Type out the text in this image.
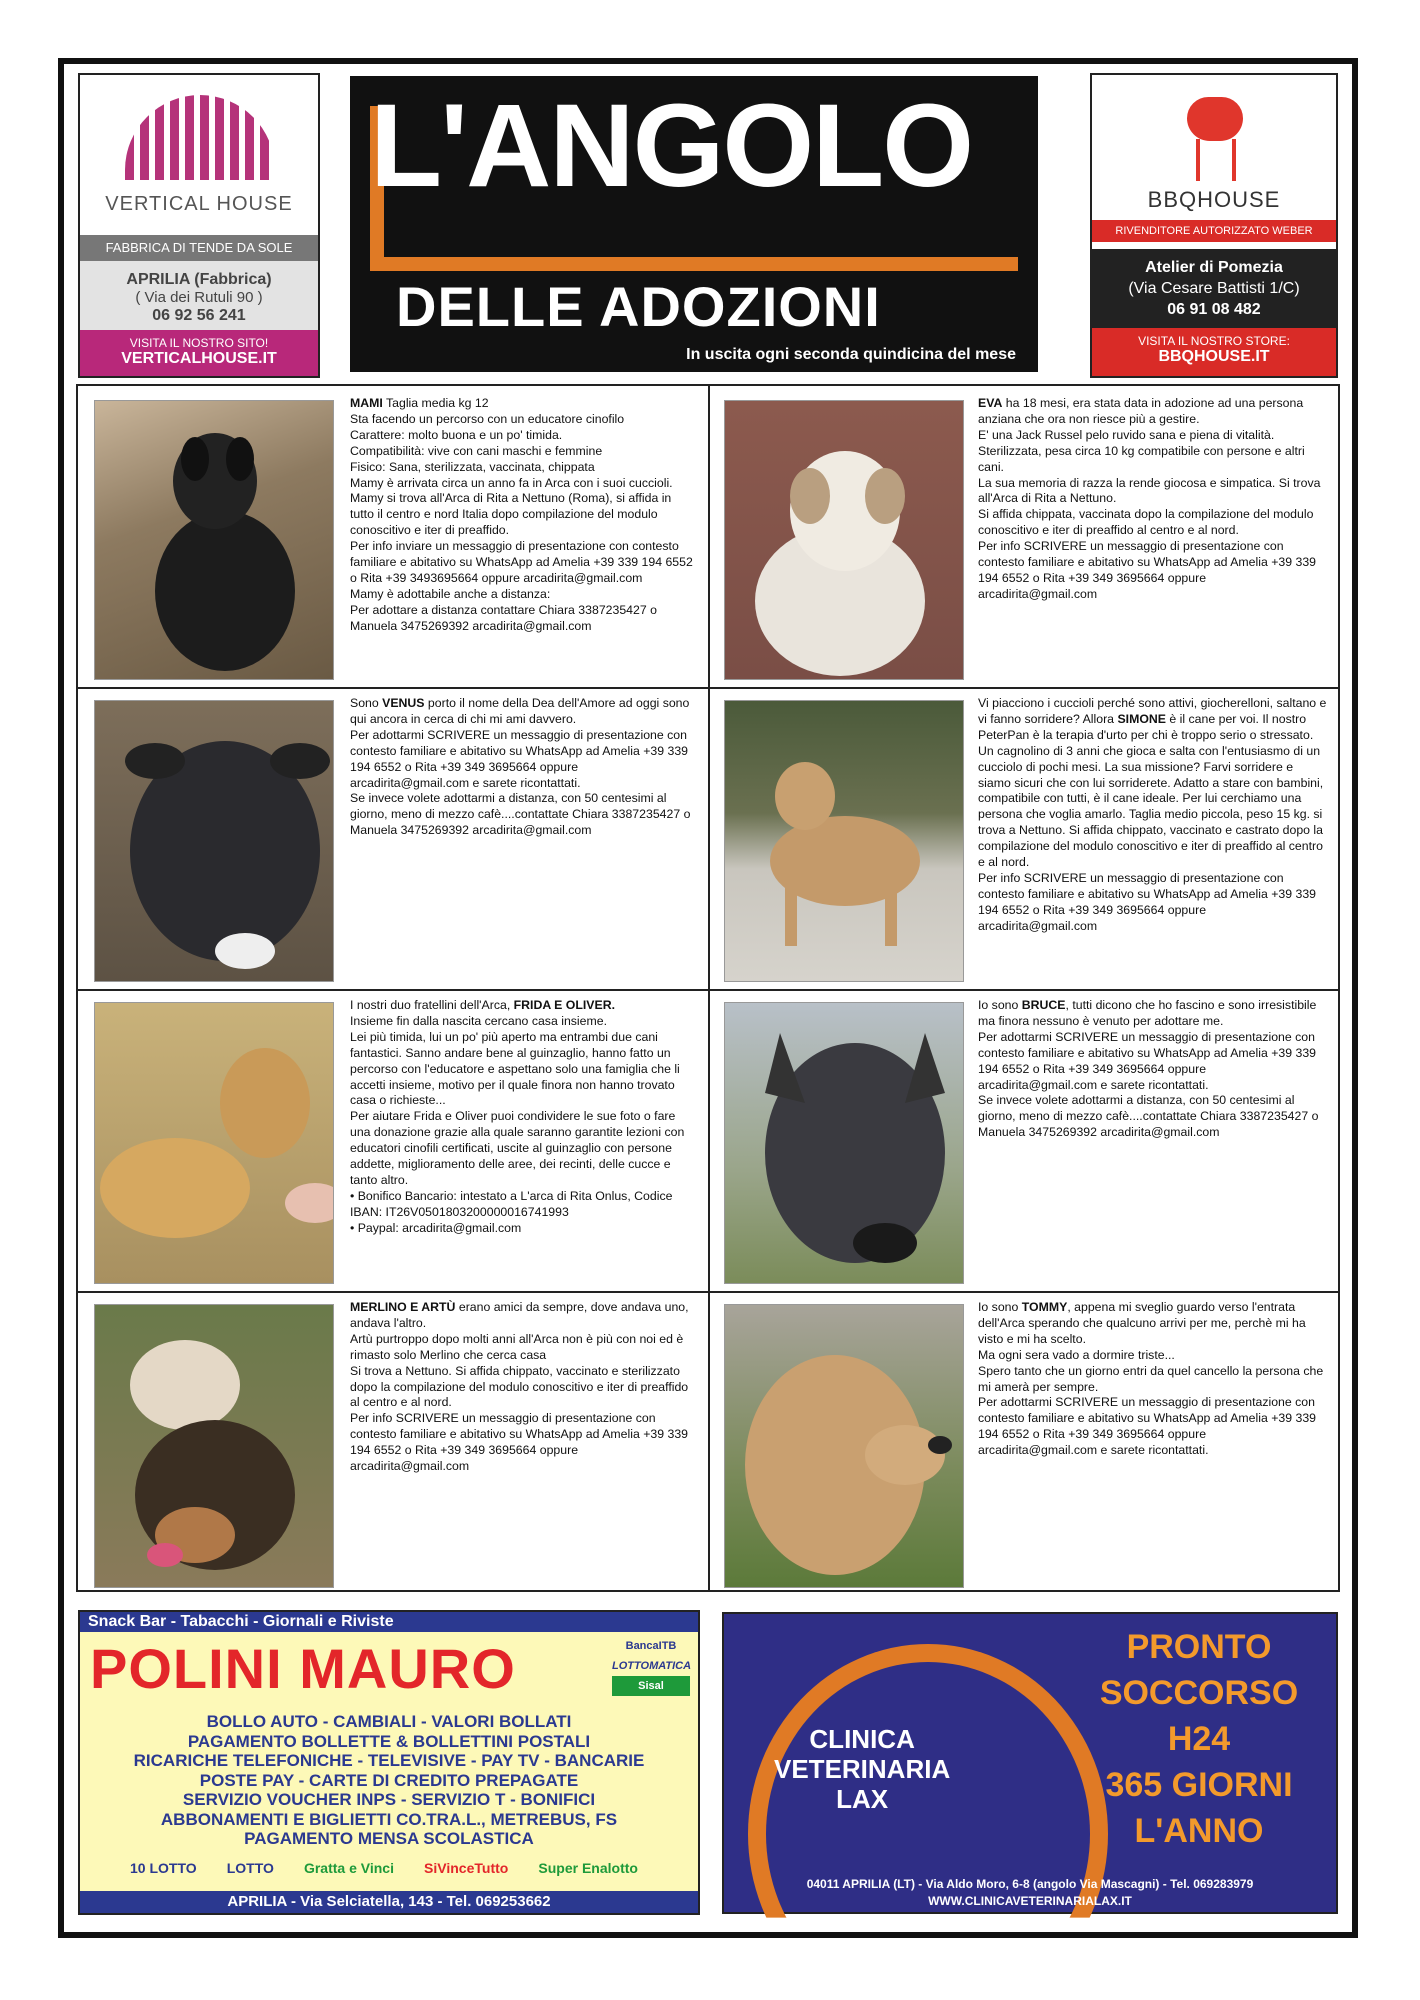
VERTICAL HOUSE
FABBRICA DI TENDE DA SOLE
APRILIA (Fabbrica)
( Via dei Rutuli 90 )
06 92 56 241
VISITA IL NOSTRO SITO!
VERTICALHOUSE.IT
L'ANGOLO
DELLE ADOZIONI
In uscita ogni seconda quindicina del mese
BBQHOUSE
RIVENDITORE AUTORIZZATO WEBER
Atelier di Pomezia
(Via Cesare Battisti 1/C)
06 91 08 482
VISITA IL NOSTRO STORE:
BBQHOUSE.IT
MAMI Taglia media kg 12
Sta facendo un percorso con un educatore cinofilo
Carattere: molto buona e un po' timida.
Compatibilità: vive con cani maschi e femmine
Fisico: Sana, sterilizzata, vaccinata, chippata
Mamy è arrivata circa un anno fa in Arca con i suoi cuccioli. Mamy si trova all'Arca di Rita a Nettuno (Roma), si affida in tutto il centro e nord Italia dopo compilazione del modulo conoscitivo e iter di preaffido.
Per info inviare un messaggio di presentazione con contesto familiare e abitativo su WhatsApp ad Amelia +39 339 194 6552 o Rita +39 3493695664 oppure arcadirita@gmail.com
Mamy è adottabile anche a distanza:
Per adottare a distanza contattare Chiara 3387235427 o Manuela 3475269392 arcadirita@gmail.com
EVA ha 18 mesi, era stata data in adozione ad una persona anziana che ora non riesce più a gestire.
E' una Jack Russel pelo ruvido sana e piena di vitalità. Sterilizzata, pesa circa 10 kg compatibile con persone e altri cani.
La sua memoria di razza la rende giocosa e simpatica. Si trova all'Arca di Rita a Nettuno.
Si affida chippata, vaccinata dopo la compilazione del modulo conoscitivo e iter di preaffido al centro e al nord.
Per info SCRIVERE un messaggio di presentazione con contesto familiare e abitativo su WhatsApp ad Amelia +39 339 194 6552 o Rita +39 349 3695664 oppure arcadirita@gmail.com
Sono VENUS porto il nome della Dea dell'Amore ad oggi sono qui ancora in cerca di chi mi ami davvero.
Per adottarmi SCRIVERE un messaggio di presentazione con contesto familiare e abitativo su WhatsApp ad Amelia +39 339 194 6552 o Rita +39 349 3695664 oppure arcadirita@gmail.com e sarete ricontattati.
Se invece volete adottarmi a distanza, con 50 centesimi al giorno, meno di mezzo cafè....contattate Chiara 3387235427 o Manuela 3475269392 arcadirita@gmail.com
Vi piacciono i cuccioli perché sono attivi, giocherelloni, saltano e vi fanno sorridere? Allora SIMONE è il cane per voi. Il nostro PeterPan è la terapia d'urto per chi è troppo serio o stressato. Un cagnolino di 3 anni che gioca e salta con l'entusiasmo di un cucciolo di pochi mesi. La sua missione? Farvi sorridere e siamo sicuri che con lui sorriderete. Adatto a stare con bambini, compatibile con tutti, è il cane ideale. Per lui cerchiamo una persona che voglia amarlo. Taglia medio piccola, peso 15 kg. si trova a Nettuno. Si affida chippato, vaccinato e castrato dopo la compilazione del modulo conoscitivo e iter di preaffido al centro e al nord.
Per info SCRIVERE un messaggio di presentazione con contesto familiare e abitativo su WhatsApp ad Amelia +39 339 194 6552 o Rita +39 349 3695664 oppure arcadirita@gmail.com
I nostri duo fratellini dell'Arca, FRIDA E OLIVER.
Insieme fin dalla nascita cercano casa insieme.
Lei più timida, lui un po' più aperto ma entrambi due cani fantastici. Sanno andare bene al guinzaglio, hanno fatto un percorso con l'educatore e aspettano solo una famiglia che li accetti insieme, motivo per il quale finora non hanno trovato casa o richieste...
Per aiutare Frida e Oliver puoi condividere le sue foto o fare una donazione grazie alla quale saranno garantite lezioni con educatori cinofili certificati, uscite al guinzaglio con persone addette, miglioramento delle aree, dei recinti, delle cucce e tanto altro.
• Bonifico Bancario: intestato a L'arca di Rita Onlus, Codice IBAN: IT26V0501803200000016741993
• Paypal: arcadirita@gmail.com
Io sono BRUCE, tutti dicono che ho fascino e sono irresistibile ma finora nessuno è venuto per adottare me.
Per adottarmi SCRIVERE un messaggio di presentazione con contesto familiare e abitativo su WhatsApp ad Amelia +39 339 194 6552 o Rita +39 349 3695664 oppure arcadirita@gmail.com e sarete ricontattati.
Se invece volete adottarmi a distanza, con 50 centesimi al giorno, meno di mezzo cafè....contattate Chiara 3387235427 o Manuela 3475269392 arcadirita@gmail.com
MERLINO E ARTÙ erano amici da sempre, dove andava uno, andava l'altro.
Artù purtroppo dopo molti anni all'Arca non è più con noi ed è rimasto solo Merlino che cerca casa
Si trova a Nettuno. Si affida chippato, vaccinato e sterilizzato dopo la compilazione del modulo conoscitivo e iter di preaffido al centro e al nord.
Per info SCRIVERE un messaggio di presentazione con contesto familiare e abitativo su WhatsApp ad Amelia +39 339 194 6552 o Rita +39 349 3695664 oppure arcadirita@gmail.com
Io sono TOMMY, appena mi sveglio guardo verso l'entrata dell'Arca sperando che qualcuno arrivi per me, perchè mi ha visto e mi ha scelto.
Ma ogni sera vado a dormire triste...
Spero tanto che un giorno entri da quel cancello la persona che mi amerà per sempre.
Per adottarmi SCRIVERE un messaggio di presentazione con contesto familiare e abitativo su WhatsApp ad Amelia +39 339 194 6552 o Rita +39 349 3695664 oppure arcadirita@gmail.com e sarete ricontattati.
Snack Bar - Tabacchi - Giornali e Riviste
POLINI MAURO	BancaITB
LOTTOMATICA
Sisal
BOLLO AUTO - CAMBIALI - VALORI BOLLATI
PAGAMENTO BOLLETTE & BOLLETTINI POSTALI
RICARICHE TELEFONICHE - TELEVISIVE - PAY TV - BANCARIE
POSTE PAY - CARTE DI CREDITO PREPAGATE
SERVIZIO VOUCHER INPS - SERVIZIO T - BONIFICI
ABBONAMENTI E BIGLIETTI CO.TRA.L., METREBUS, FS
PAGAMENTO MENSA SCOLASTICA
10 LOTTO LOTTO Gratta e Vinci SiVinceTutto Super Enalotto
APRILIA - Via Selciatella, 143 - Tel. 069253662
CLINICA
VETERINARIA
LAX
PRONTO
SOCCORSO
H24
365 GIORNI
L'ANNO
04011 APRILIA (LT) - Via Aldo Moro, 6-8 (angolo Via Mascagni) - Tel. 069283979
WWW.CLINICAVETERINARIALAX.IT
